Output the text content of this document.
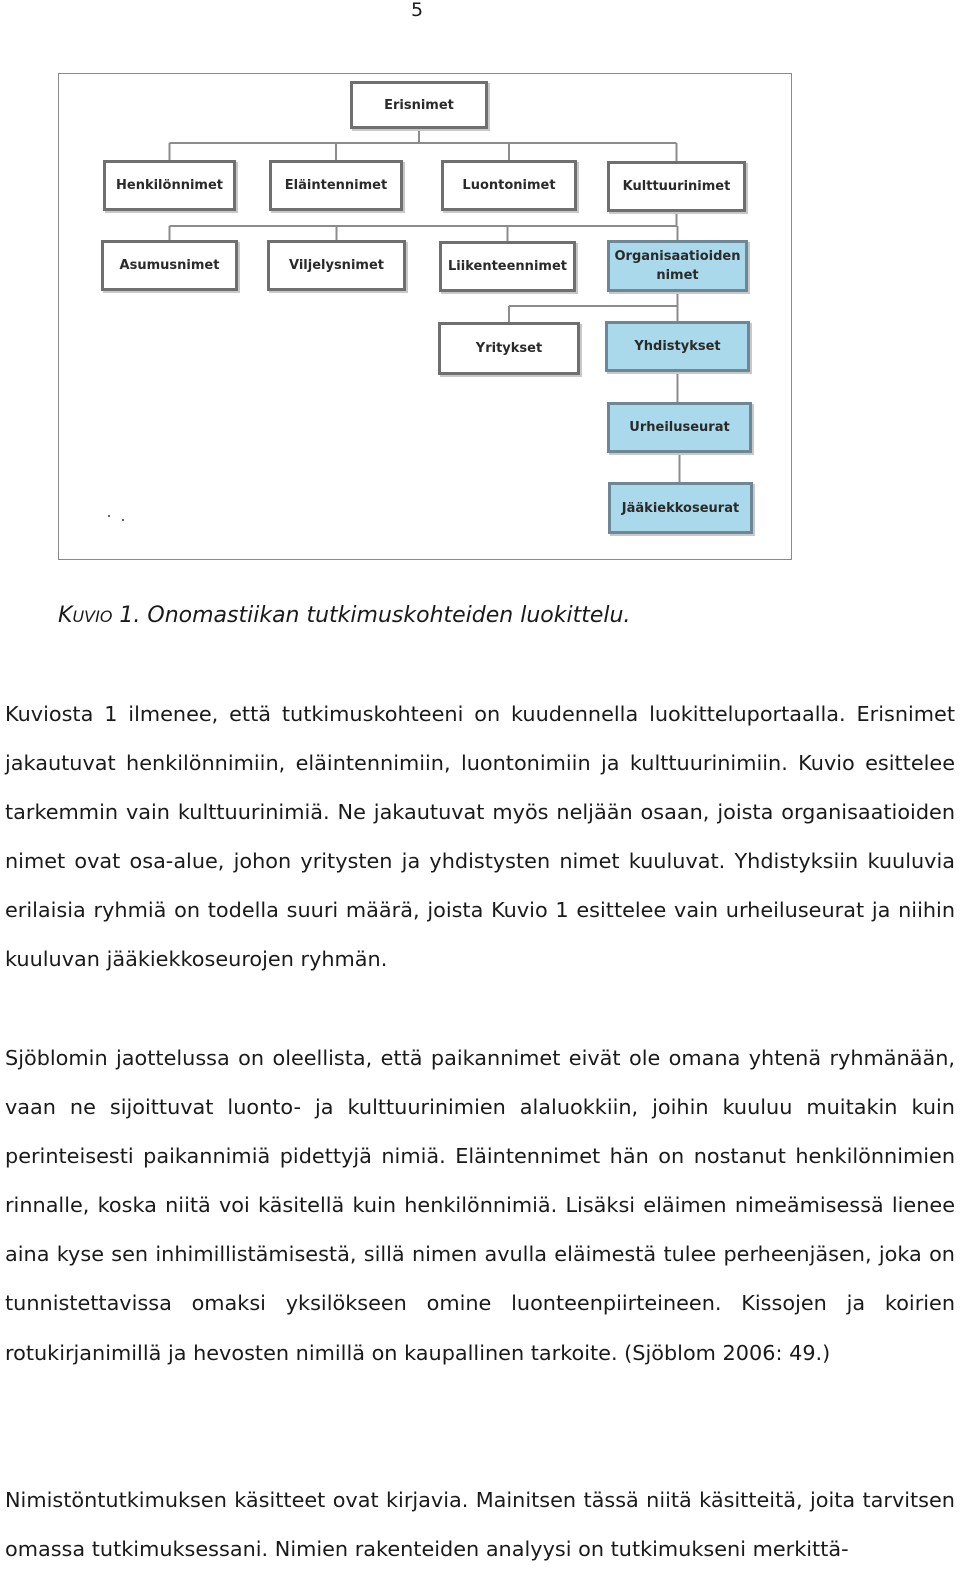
5
Erisnimet
Henkilönnimet	Eläintennimet	Luontonimet	Kulttuurinimet
Asumusnimet	Viljelysnimet	Liikenteennimet
Organisaatioiden nimet
Yritykset	Yhdistykset
Urheiluseurat
Jääkiekkoseurat
KUVIO 1. Onomastiikan tutkimuskohteiden luokittelu.

Kuviosta 1 ilmenee, että tutkimuskohteeni on kuudennella luokitteluportaalla. Erisnimet jakautuvat henkilönnimiin, eläintennimiin, luontonimiin ja kulttuurinimiin. Kuvio esittelee tarkemmin vain kulttuurinimiä. Ne jakautuvat myös neljään osaan, joista organisaatioiden nimet ovat osa-alue, johon yritysten ja yhdistysten nimet kuuluvat. Yhdistyksiin kuuluvia erilaisia ryhmiä on todella suuri määrä, joista Kuvio 1 esittelee vain urheiluseurat ja niihin kuuluvan jääkiekkoseurojen ryhmän.

Sjöblomin jaottelussa on oleellista, että paikannimet eivät ole omana yhtenä ryhmänään, vaan ne sijoittuvat luonto- ja kulttuurinimien alaluokkiin, joihin kuuluu muitakin kuin perinteisesti paikannimiä pidettyjä nimiä. Eläintennimet hän on nostanut henkilönnimien rinnalle, koska niitä voi käsitellä kuin henkilönnimiä. Lisäksi eläimen nimeämisessä lienee aina kyse sen inhimillistämisestä, sillä nimen avulla eläimestä tulee perheenjäsen, joka on tunnistettavissa omaksi yksilökseen omine luonteenpiirteineen. Kissojen ja koirien rotukirjanimillä ja hevosten nimillä on kaupallinen tarkoite. (Sjöblom 2006: 49.)

Nimistöntutkimuksen käsitteet ovat kirjavia. Mainitsen tässä niitä käsitteitä, joita tarvitsen omassa tutkimuksessani. Nimien rakenteiden analyysi on tutkimukseni merkittä-
